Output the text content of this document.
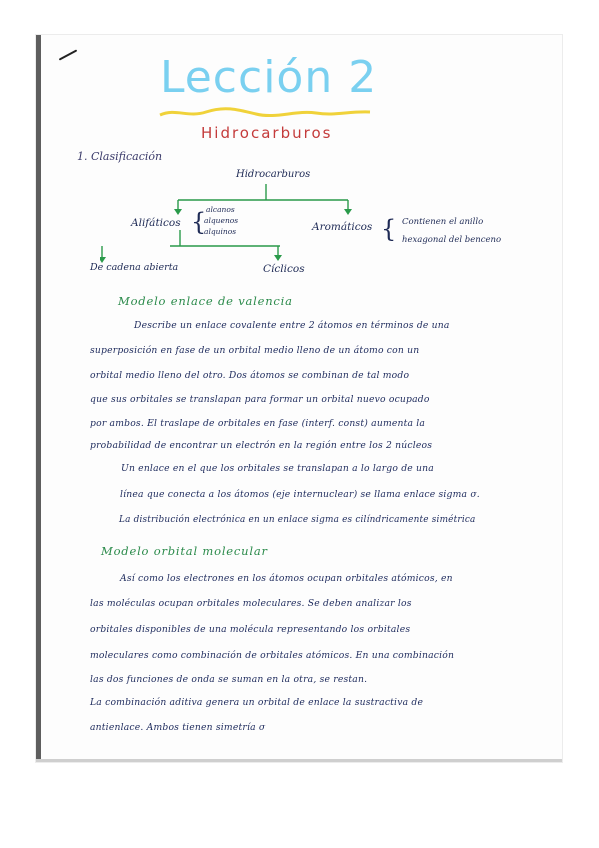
Lección 2
Hidrocarburos
1. Clasificación
Hidrocarburos
Alifáticos { alcanos
alquenos
alquinos	Aromáticos { Contienen el anillo
hexagonal del benceno
De cadena abierta	Cíclicos
Modelo enlace de valencia
Describe un enlace covalente entre 2 átomos en términos de una
superposición en fase de un orbital medio lleno de un átomo con un
orbital medio lleno del otro. Dos átomos se combinan de tal modo
que sus orbitales se translapan para formar un orbital nuevo ocupado
por ambos. El traslape de orbitales en fase (interf. const) aumenta la
probabilidad de encontrar un electrón en la región entre los 2 núcleos
Un enlace en el que los orbitales se translapan a lo largo de una
línea que conecta a los átomos (eje internuclear) se llama enlace sigma σ.
La distribución electrónica en un enlace sigma es cilíndricamente simétrica
Modelo orbital molecular
Así como los electrones en los átomos ocupan orbitales atómicos, en
las moléculas ocupan orbitales moleculares. Se deben analizar los
orbitales disponibles de una molécula representando los orbitales
moleculares como combinación de orbitales atómicos. En una combinación
las dos funciones de onda se suman en la otra, se restan.
La combinación aditiva genera un orbital de enlace la sustractiva de
antienlace. Ambos tienen simetría σ
